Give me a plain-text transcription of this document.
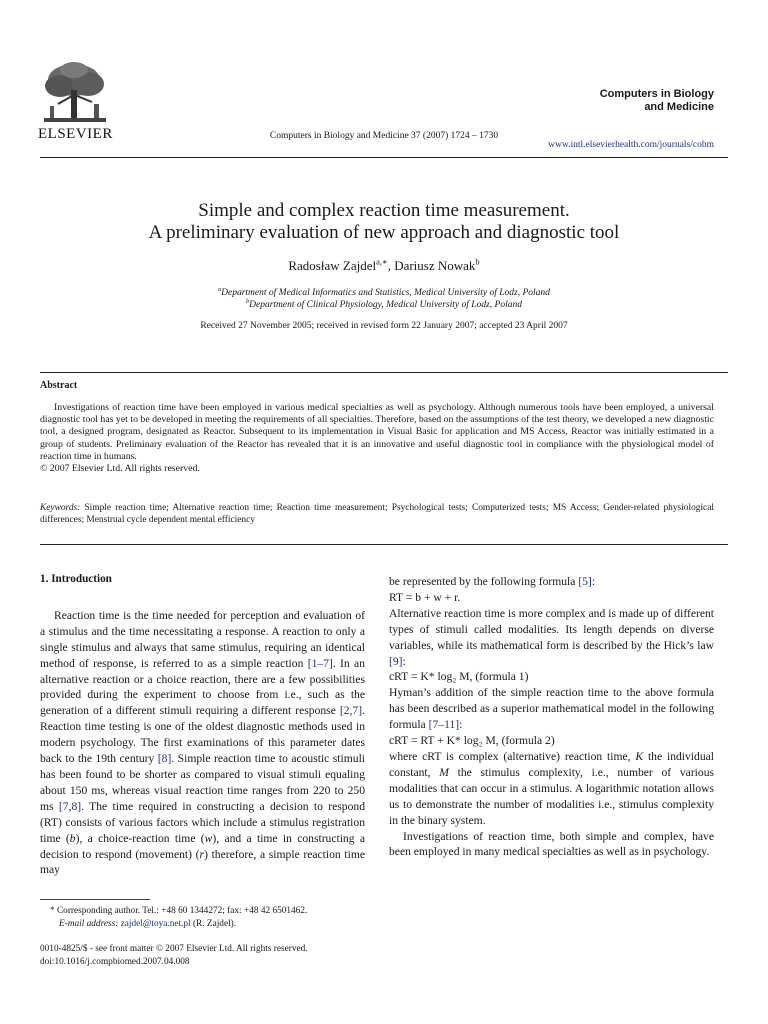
ELSEVIER	Computers in Biology and Medicine 37 (2007) 1724 – 1730
Computers in Biology
and Medicine
www.intl.elsevierhealth.com/journals/cobm
Simple and complex reaction time measurement.
A preliminary evaluation of new approach and diagnostic tool
Radosław Zajdel$^{a,∗}$, Dariusz Nowak$^b$
$^a$Department of Medical Informatics and Statistics, Medical University of Lodz, Poland
$^b$Department of Clinical Physiology, Medical University of Lodz, Poland
Received 27 November 2005; received in revised form 22 January 2007; accepted 23 April 2007
Abstract

Investigations of reaction time have been employed in various medical specialties as well as psychology. Although numerous tools have been employed, a universal diagnostic tool has yet to be developed in meeting the requirements of all specialties. Therefore, based on the assumptions of the test theory, we developed a new diagnostic tool, a designed program, designated as Reactor. Subsequent to its implementation in Visual Basic for application and MS Access, Reactor was initially estimated in a group of students. Preliminary evaluation of the Reactor has revealed that it is an innovative and useful diagnostic tool in compliance with the physiological model of reaction time in humans.

© 2007 Elsevier Ltd. All rights reserved.

Keywords: Simple reaction time; Alternative reaction time; Reaction time measurement; Psychological tests; Computerized tests; MS Access; Gender-related physiological differences; Menstrual cycle dependent mental efficiency
1. Introduction

Reaction time is the time needed for perception and evaluation of a stimulus and the time necessitating a response. A reaction to only a single stimulus and always that same stimulus, requiring an identical method of response, is referred to as a simple reaction [1–7]. In an alternative reaction or a choice reaction, there are a few possibilities provided during the experiment to choose from i.e., such as the generation of a different stimuli requiring a different response [2,7]. Reaction time testing is one of the oldest diagnostic methods used in modern psychology. The first examinations of this parameter dates back to the 19th century [8]. Simple reaction time to acoustic stimuli has been found to be shorter as compared to visual stimuli equaling about 150 ms, whereas visual reaction time ranges from 220 to 250 ms [7,8]. The time required in constructing a decision to respond (RT) consists of various factors which include a stimulus registration time (b), a choice-reaction time (w), and a time in constructing a decision to respond (movement) (r) therefore, a simple reaction time may

be represented by the following formula [5]:

RT = b + w + r.

Alternative reaction time is more complex and is made up of different types of stimuli called modalities. Its length depends on diverse variables, while its mathematical form is described by the Hick’s law [9]:

cRT = K* log₂ M, (formula 1)

Hyman’s addition of the simple reaction time to the above formula has been described as a superior mathematical model in the following formula [7–11]:

cRT = RT + K* log₂ M, (formula 2)

where cRT is complex (alternative) reaction time, K the individual constant, M the stimulus complexity, i.e., number of various modalities that can occur in a stimulus. A logarithmic notation allows us to demonstrate the number of modalities i.e., stimulus complexity in the binary system.

Investigations of reaction time, both simple and complex, have been employed in many medical specialties as well as in psychology.

* Corresponding author. Tel.: +48 60 1344272; fax: +48 42 6501462.
E-mail address: zajdel@toya.net.pl (R. Zajdel).
0010-4825/$ - see front matter © 2007 Elsevier Ltd. All rights reserved.
doi:10.1016/j.compbiomed.2007.04.008
